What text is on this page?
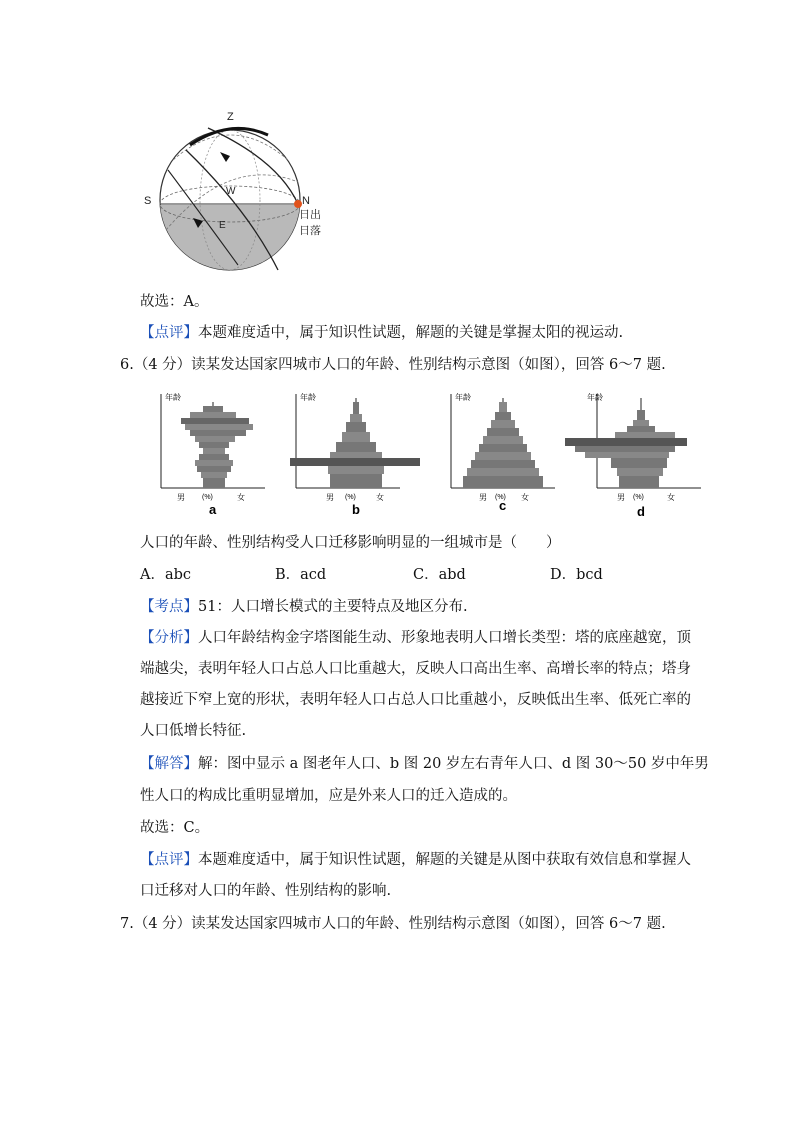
Z
S	N
W
E
日出
日落
故选：A。
【点评】本题难度适中，属于知识性试题，解题的关键是掌握太阳的视运动.
6.（4 分）读某发达国家四城市人口的年龄、性别结构示意图（如图），回答 6～7 题.
年龄
男 (%)	女
a
年龄
男 (%)	女
b
年龄
男 (%) 女
c
年龄
男 (%)	女
d
人口的年龄、性别结构受人口迁移影响明显的一组城市是（　　）
A．abc	B．acd	C．abd	D．bcd
【考点】51：人口增长模式的主要特点及地区分布.
【分析】人口年龄结构金字塔图能生动、形象地表明人口增长类型：塔的底座越宽，顶
端越尖，表明年轻人口占总人口比重越大，反映人口高出生率、高增长率的特点；塔身
越接近下窄上宽的形状，表明年轻人口占总人口比重越小，反映低出生率、低死亡率的
人口低增长特征.
【解答】解：图中显示 a 图老年人口、b 图 20 岁左右青年人口、d 图 30～50 岁中年男
性人口的构成比重明显增加，应是外来人口的迁入造成的。
故选：C。
【点评】本题难度适中，属于知识性试题，解题的关键是从图中获取有效信息和掌握人
口迁移对人口的年龄、性别结构的影响.
7.（4 分）读某发达国家四城市人口的年龄、性别结构示意图（如图），回答 6～7 题.
